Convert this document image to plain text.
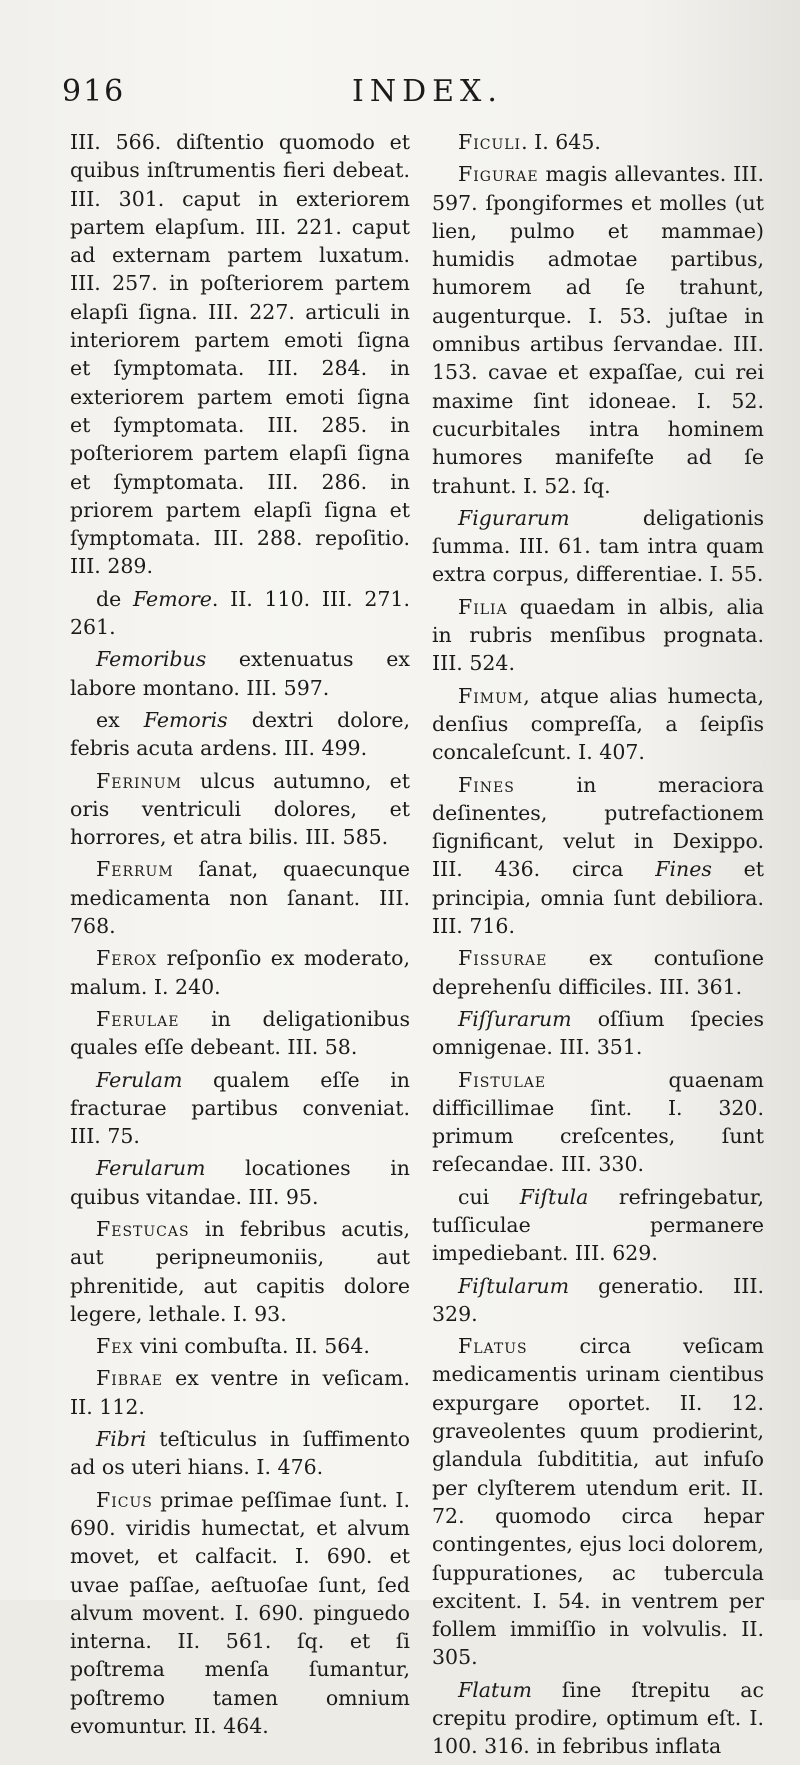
916	INDEX.

III. 566. diſtentio quomodo et quibus inſtrumentis fieri debeat. III. 301. caput in exteriorem partem elapſum. III. 221. caput ad externam partem luxatum. III. 257. in poſteriorem partem elapſi ſigna. III. 227. articuli in interiorem partem emoti ſigna et ſymptomata. III. 284. in exteriorem partem emoti ſigna et ſymptomata. III. 285. in poſteriorem partem elapſi ſigna et ſymptomata. III. 286. in priorem partem elapſi ſigna et ſymptomata. III. 288. repoſitio. III. 289.

de Femore. II. 110. III. 271. 261.

Femoribus extenuatus ex labore montano. III. 597.

ex Femoris dextri dolore, febris acuta ardens. III. 499.

Ferinum ulcus autumno, et oris ventriculi dolores, et horrores, et atra bilis. III. 585.

Ferrum ſanat, quaecunque medicamenta non ſanant. III. 768.

Ferox reſponſio ex moderato, malum. I. 240.

Ferulae in deligationibus quales eſſe debeant. III. 58.

Ferulam qualem eſſe in fracturae partibus conveniat. III. 75.

Ferularum locationes in quibus vitandae. III. 95.

Festucas in febribus acutis, aut peripneumoniis, aut phrenitide, aut capitis dolore legere, lethale. I. 93.

Fex vini combuſta. II. 564.

Fibrae ex ventre in veſicam. II. 112.

Fibri teſticulus in ſuffimento ad os uteri hians. I. 476.

Ficus primae peſſimae ſunt. I. 690. viridis humectat, et alvum movet, et calfacit. I. 690. et uvae paſſae, aeſtuoſae ſunt, ſed alvum movent. I. 690. pinguedo interna. II. 561. ſq. et ſi poſtrema menſa ſumantur, poſtremo tamen omnium evomuntur. II. 464.

Ficuli. I. 645.

Figurae magis allevantes. III. 597. ſpongiformes et molles (ut lien, pulmo et mammae) humidis admotae partibus, humorem ad ſe trahunt, augenturque. I. 53. juſtae in omnibus artibus ſervandae. III. 153. cavae et expaſſae, cui rei maxime ſint idoneae. I. 52. cucurbitales intra hominem humores manifeſte ad ſe trahunt. I. 52. ſq.

Figurarum deligationis ſumma. III. 61. tam intra quam extra corpus, differentiae. I. 55.

Filia quaedam in albis, alia in rubris menſibus prognata. III. 524.

Fimum, atque alias humecta, denſius compreſſa, a ſeipſis concaleſcunt. I. 407.

Fines in meraciora deſinentes, putrefactionem ſignificant, velut in Dexippo. III. 436. circa Fines et principia, omnia ſunt debiliora. III. 716.

Fissurae ex contuſione deprehenſu difficiles. III. 361.

Fiſſurarum oſſium ſpecies omnigenae. III. 351.

Fistulae quaenam difficillimae ſint. I. 320. primum creſcentes, ſunt reſecandae. III. 330.

cui Fiſtula refringebatur, tuſſiculae permanere impediebant. III. 629.

Fiſtularum generatio. III. 329.

Flatus circa veſicam medicamentis urinam cientibus expurgare oportet. II. 12. graveolentes quum prodierint, glandula ſubdititia, aut infuſo per clyſterem utendum erit. II. 72. quomodo circa hepar contingentes, ejus loci dolorem, ſuppurationes, ac tubercula excitent. I. 54. in ventrem per follem immiſſio in volvulis. II. 305.

Flatum ſine ſtrepitu ac crepitu prodire, optimum eſt. I. 100. 316. in febribus inflata
